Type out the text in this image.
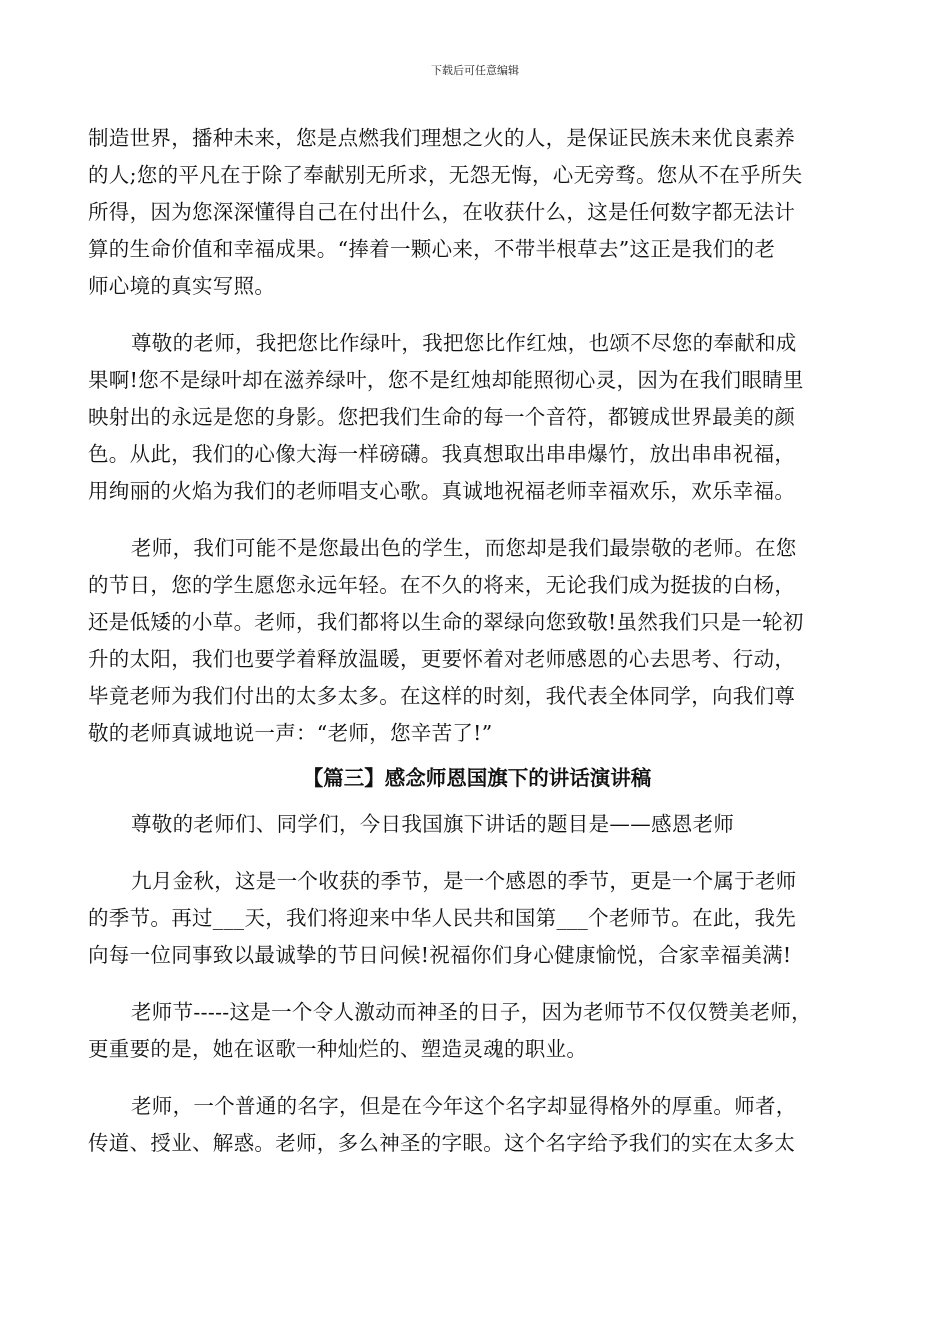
下载后可任意编辑
制造世界，播种未来，您是点燃我们理想之火的人，是保证民族未来优良素养
的人;您的平凡在于除了奉献别无所求，无怨无悔，心无旁骛。您从不在乎所失
所得，因为您深深懂得自己在付出什么，在收获什么，这是任何数字都无法计
算的生命价值和幸福成果。“捧着一颗心来，不带半根草去”这正是我们的老
师心境的真实写照。
尊敬的老师，我把您比作绿叶，我把您比作红烛，也颂不尽您的奉献和成
果啊!您不是绿叶却在滋养绿叶，您不是红烛却能照彻心灵，因为在我们眼睛里
映射出的永远是您的身影。您把我们生命的每一个音符，都镀成世界最美的颜
色。从此，我们的心像大海一样磅礴。我真想取出串串爆竹，放出串串祝福，
用绚丽的火焰为我们的老师唱支心歌。真诚地祝福老师幸福欢乐，欢乐幸福。
老师，我们可能不是您最出色的学生，而您却是我们最崇敬的老师。在您
的节日，您的学生愿您永远年轻。在不久的将来，无论我们成为挺拔的白杨，
还是低矮的小草。老师，我们都将以生命的翠绿向您致敬!虽然我们只是一轮初
升的太阳，我们也要学着释放温暖，更要怀着对老师感恩的心去思考、行动，
毕竟老师为我们付出的太多太多。在这样的时刻，我代表全体同学，向我们尊
敬的老师真诚地说一声：“老师，您辛苦了!”
【篇三】感念师恩国旗下的讲话演讲稿
尊敬的老师们、同学们，今日我国旗下讲话的题目是——感恩老师
九月金秋，这是一个收获的季节，是一个感恩的季节，更是一个属于老师
的季节。再过___天，我们将迎来中华人民共和国第___个老师节。在此，我先
向每一位同事致以最诚挚的节日问候!祝福你们身心健康愉悦，合家幸福美满!
老师节-----这是一个令人激动而神圣的日子，因为老师节不仅仅赞美老师，
更重要的是，她在讴歌一种灿烂的、塑造灵魂的职业。
老师，一个普通的名字，但是在今年这个名字却显得格外的厚重。师者，
传道、授业、解惑。老师，多么神圣的字眼。这个名字给予我们的实在太多太
